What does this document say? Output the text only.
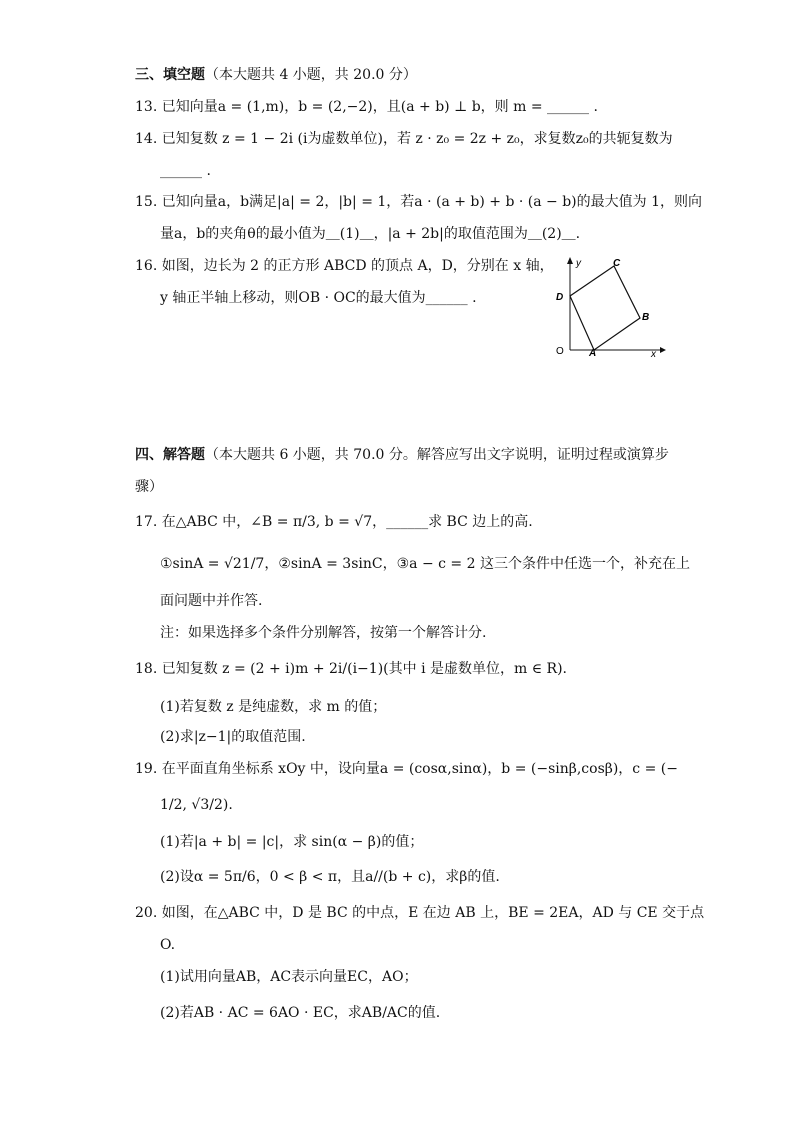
三、填空题（本大题共 4 小题，共 20.0 分）
13. 已知向量a = (1,m)，b = (2,−2)，且(a + b) ⊥ b，则 m = ______ .
14. 已知复数 z = 1 − 2i (i为虚数单位)，若 z · z₀ = 2z + z₀，求复数z₀的共轭复数为
______ .
15. 已知向量a，b满足|a| = 2，|b| = 1，若a · (a + b) + b · (a − b)的最大值为 1，则向
量a，b的夹角θ的最小值为＿(1)＿，|a + 2b|的取值范围为＿(2)＿.
16. 如图，边长为 2 的正方形 ABCD 的顶点 A，D，分别在 x 轴，
y 轴正半轴上移动，则OB · OC的最大值为______ .
y
x
O	A
B
C
D
四、解答题（本大题共 6 小题，共 70.0 分。解答应写出文字说明，证明过程或演算步
骤）
17. 在△ABC 中，∠B = π/3, b = √7，______求 BC 边上的高.
①sinA = √21/7，②sinA = 3sinC，③a − c = 2 这三个条件中任选一个，补充在上
面问题中并作答.
注：如果选择多个条件分别解答，按第一个解答计分.
18. 已知复数 z = (2 + i)m + 2i/(i−1)(其中 i 是虚数单位，m ∈ R).
(1)若复数 z 是纯虚数，求 m 的值；
(2)求|z−1|的取值范围.
19. 在平面直角坐标系 xOy 中，设向量a = (cosα,sinα)，b = (−sinβ,cosβ)，c = (−
1/2, √3/2).
(1)若|a + b| = |c|，求 sin(α − β)的值；
(2)设α = 5π/6，0 < β < π，且a//(b + c)，求β的值.
20. 如图，在△ABC 中，D 是 BC 的中点，E 在边 AB 上，BE = 2EA，AD 与 CE 交于点
O.
(1)试用向量AB，AC表示向量EC，AO；
(2)若AB · AC = 6AO · EC，求AB/AC的值.
